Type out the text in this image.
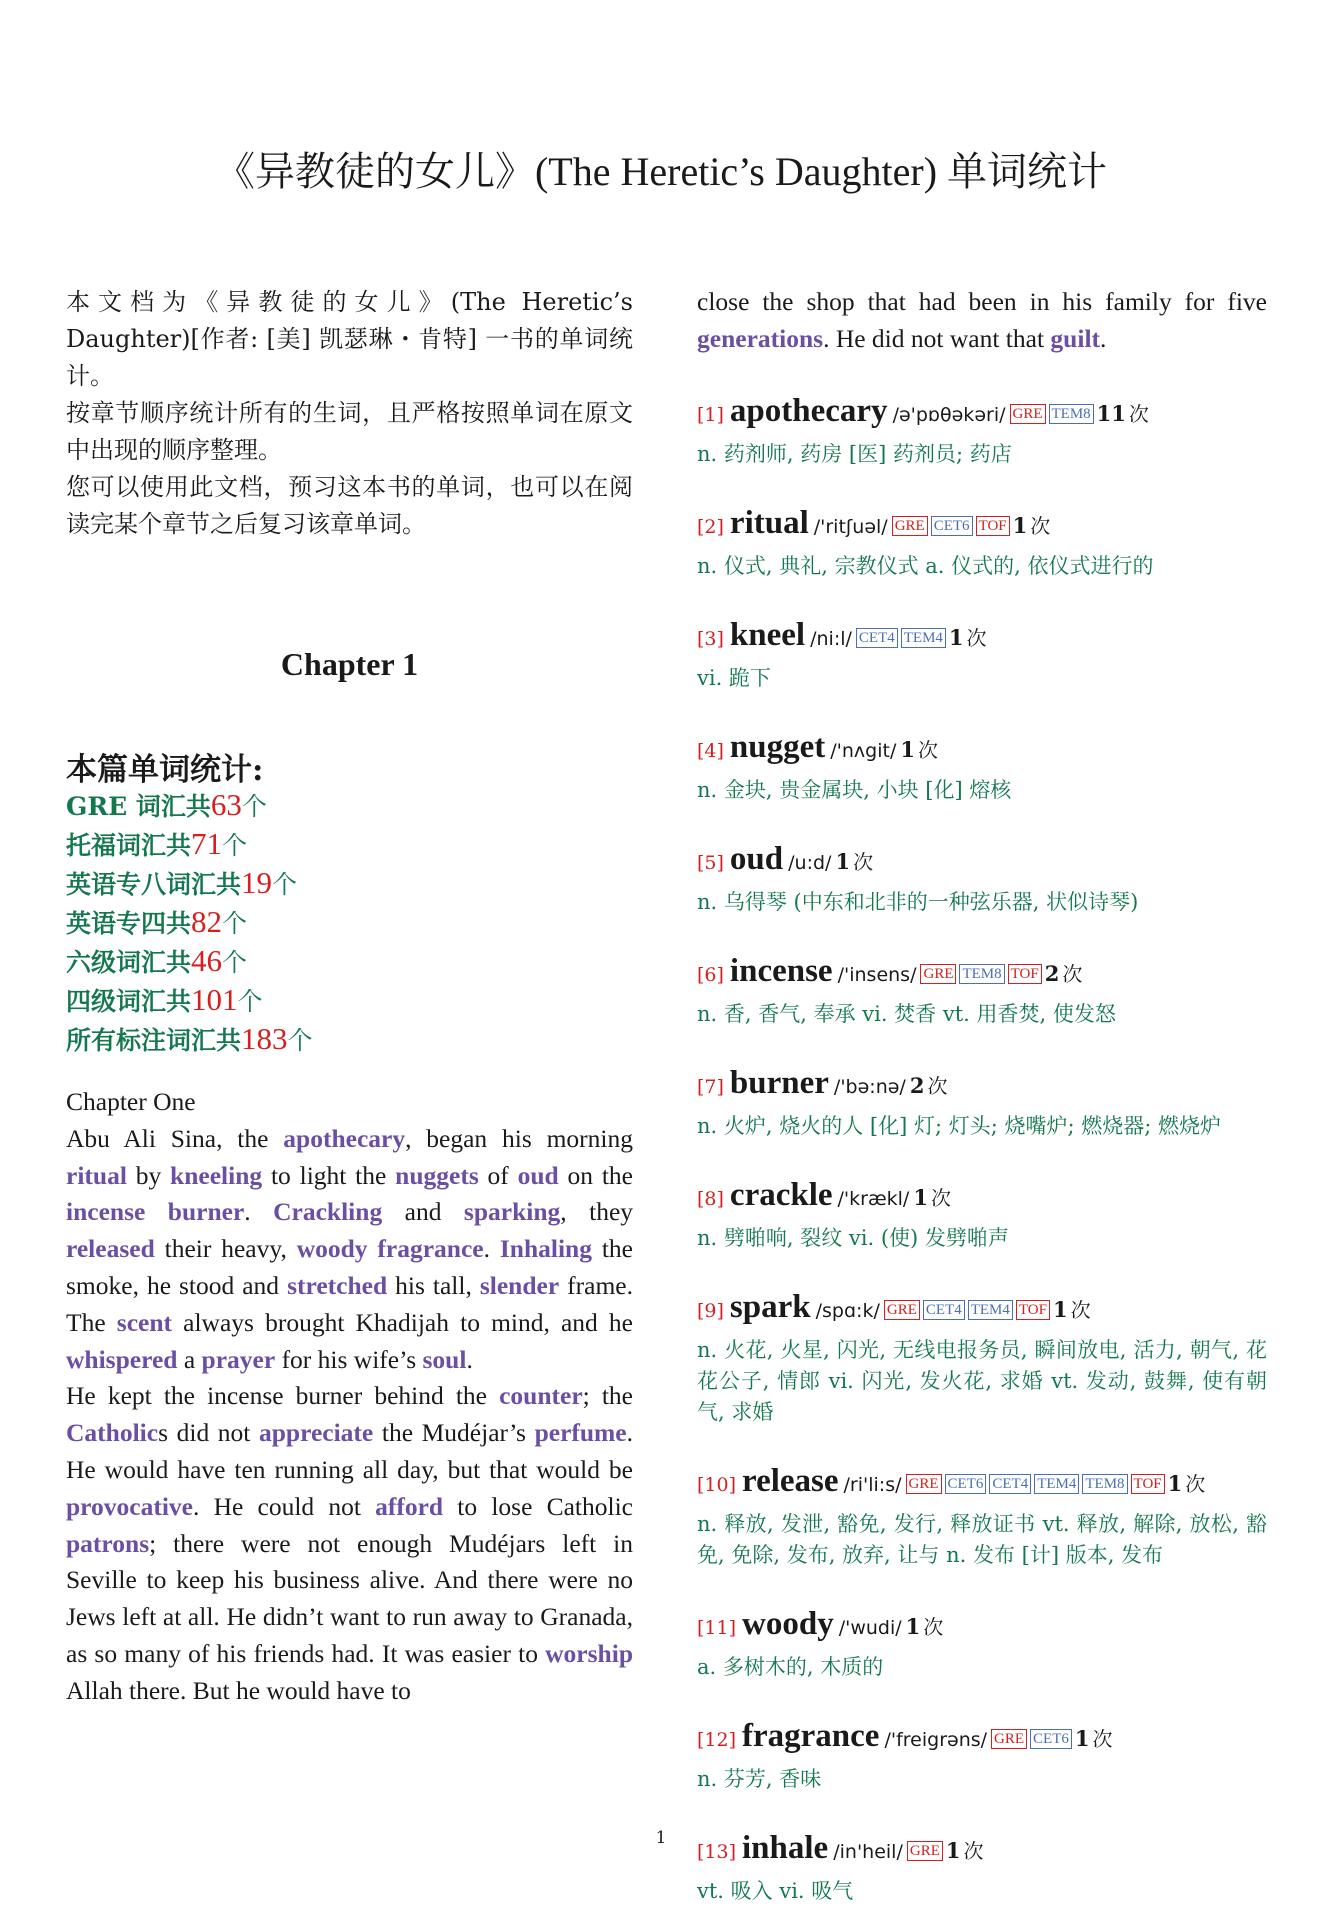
《异教徒的女儿》(The Heretic’s Daughter) 单词统计

本文档为《异教徒的女儿》(The Heretic’s Daughter)[作者: [美] 凯瑟琳・肯特] 一书的单词统计。

按章节顺序统计所有的生词，且严格按照单词在原文中出现的顺序整理。

您可以使用此文档，预习这本书的单词，也可以在阅读完某个章节之后复习该章单词。

Chapter 1
本篇单词统计:
GRE 词汇共63个
托福词汇共71个
英语专八词汇共19个
英语专四共82个
六级词汇共46个
四级词汇共101个
所有标注词汇共183个
Chapter One
Abu Ali Sina, the apothecary, began his morning ritual by kneeling to light the nuggets of oud on the incense burner. Crackling and sparking, they released their heavy, woody fragrance. Inhaling the smoke, he stood and stretched his tall, slender frame. The scent always brought Khadijah to mind, and he whispered a prayer for his wife’s soul.
He kept the incense burner behind the counter; the Catholics did not appreciate the Mudéjar’s perfume. He would have ten running all day, but that would be provocative. He could not afford to lose Catholic patrons; there were not enough Mudéjars left in Seville to keep his business alive. And there were no Jews left at all. He didn’t want to run away to Granada, as so many of his friends had. It was easier to worship Allah there. But he would have to

close the shop that had been in his family for five generations. He did not want that guilt.

[1] apothecary /ə'pɒθəkəri/ GRE TEM8 11 次
n. 药剂师, 药房 [医] 药剂员; 药店
[2] ritual /'ritʃuəl/ GRE CET6 TOF 1 次
n. 仪式, 典礼, 宗教仪式 a. 仪式的, 依仪式进行的
[3] kneel /ni:l/ CET4 TEM4 1 次
vi. 跪下
[4] nugget /'nʌgit/ 1 次
n. 金块, 贵金属块, 小块 [化] 熔核
[5] oud /u:d/ 1 次
n. 乌得琴 (中东和北非的一种弦乐器, 状似诗琴)
[6] incense /'insens/ GRE TEM8 TOF 2 次
n. 香, 香气, 奉承 vi. 焚香 vt. 用香焚, 使发怒
[7] burner /'bə:nə/ 2 次
n. 火炉, 烧火的人 [化] 灯; 灯头; 烧嘴炉; 燃烧器; 燃烧炉
[8] crackle /'krækl/ 1 次
n. 劈啪响, 裂纹 vi. (使) 发劈啪声
[9] spark /spɑ:k/ GRE CET4 TEM4 TOF 1 次
n. 火花, 火星, 闪光, 无线电报务员, 瞬间放电, 活力, 朝气, 花花公子, 情郎 vi. 闪光, 发火花, 求婚 vt. 发动, 鼓舞, 使有朝气, 求婚
[10] release /ri'li:s/ GRE CET6 CET4 TEM4 TEM8 TOF 1 次
n. 释放, 发泄, 豁免, 发行, 释放证书 vt. 释放, 解除, 放松, 豁免, 免除, 发布, 放弃, 让与 n. 发布 [计] 版本, 发布
[11] woody /'wudi/ 1 次
a. 多树木的, 木质的
[12] fragrance /'freigrəns/ GRE CET6 1 次
n. 芬芳, 香味
[13] inhale /in'heil/ GRE 1 次
vt. 吸入 vi. 吸气
1
